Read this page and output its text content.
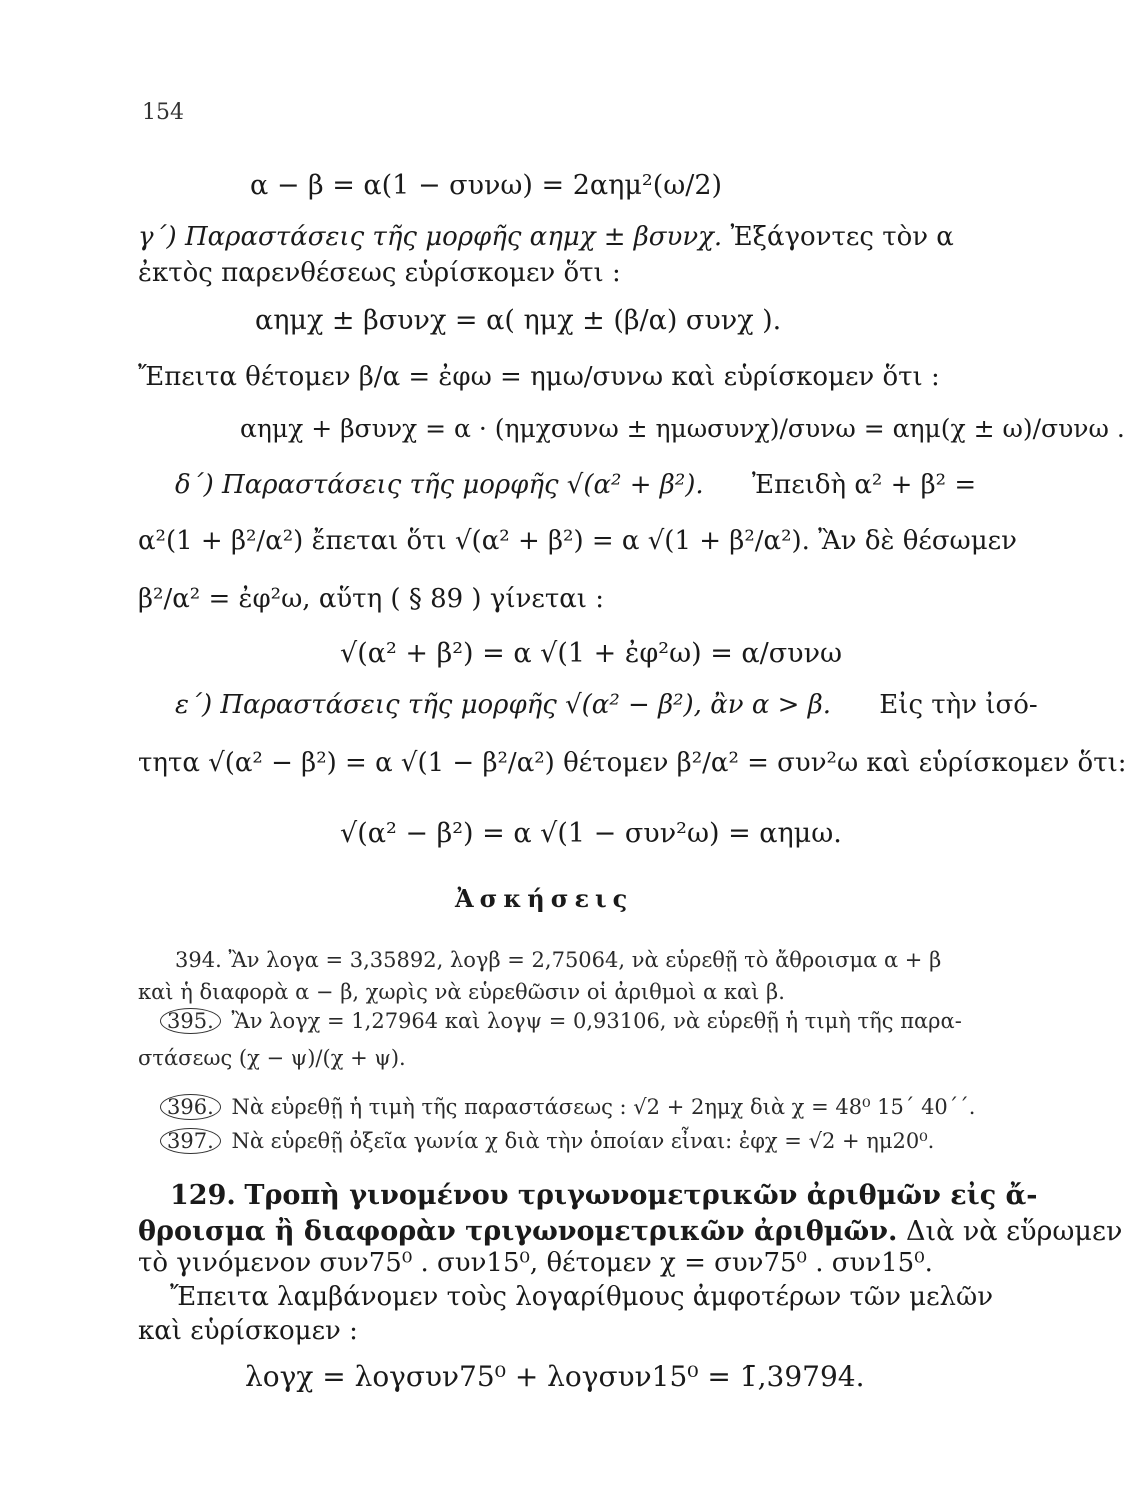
154
α − β = α(1 − συνω) = 2αημ²(ω/2)
γ΄) Παραστάσεις τῆς μορφῆς αημχ ± βσυνχ. Ἐξάγοντες τὸν α
ἐκτὸς παρενθέσεως εὑρίσκομεν ὅτι :
αημχ ± βσυνχ = α( ημχ ± (β/α) συνχ ).
Ἔπειτα θέτομεν β/α = ἐφω = ημω/συνω καὶ εὑρίσκομεν ὅτι :
αημχ + βσυνχ = α · (ημχσυνω ± ημωσυνχ)/συνω = αημ(χ ± ω)/συνω .
δ΄) Παραστάσεις τῆς μορφῆς √(α² + β²). Ἐπειδὴ α² + β² =
α²(1 + β²/α²) ἔπεται ὅτι √(α² + β²) = α √(1 + β²/α²). Ἂν δὲ θέσωμεν
β²/α² = ἐφ²ω, αὕτη ( § 89 ) γίνεται :
√(α² + β²) = α √(1 + ἐφ²ω) = α/συνω
ε΄) Παραστάσεις τῆς μορφῆς √(α² − β²), ἂν α > β. Εἰς τὴν ἰσό-
τητα √(α² − β²) = α √(1 − β²/α²) θέτομεν β²/α² = συν²ω καὶ εὑρίσκομεν ὅτι:
√(α² − β²) = α √(1 − συν²ω) = αημω.
Ἀσκήσεις
394. Ἂν λογα = 3,35892, λογβ = 2,75064, νὰ εὑρεθῇ τὸ ἄθροισμα α + β
καὶ ἡ διαφορὰ α − β, χωρὶς νὰ εὑρεθῶσιν οἱ ἀριθμοὶ α καὶ β.
395. Ἂν λογχ = 1,27964 καὶ λογψ = 0,93106, νὰ εὑρεθῇ ἡ τιμὴ τῆς παρα-
στάσεως (χ − ψ)/(χ + ψ).
396. Νὰ εὑρεθῇ ἡ τιμὴ τῆς παραστάσεως : √2 + 2ημχ διὰ χ = 48⁰ 15΄ 40΄΄.
397. Νὰ εὑρεθῇ ὀξεῖα γωνία χ διὰ τὴν ὁποίαν εἶναι: ἐφχ = √2 + ημ20⁰.
129. Τροπὴ γινομένου τριγωνομετρικῶν ἀριθμῶν εἰς ἄ-
θροισμα ἢ διαφορὰν τριγωνομετρικῶν ἀριθμῶν. Διὰ νὰ εὕρωμεν
τὸ γινόμενον συν75⁰ . συν15⁰, θέτομεν χ = συν75⁰ . συν15⁰.
Ἔπειτα λαμβάνομεν τοὺς λογαρίθμους ἀμφοτέρων τῶν μελῶν
καὶ εὑρίσκομεν :
λογχ = λογσυν75⁰ + λογσυν15⁰ = 1̄,39794.
